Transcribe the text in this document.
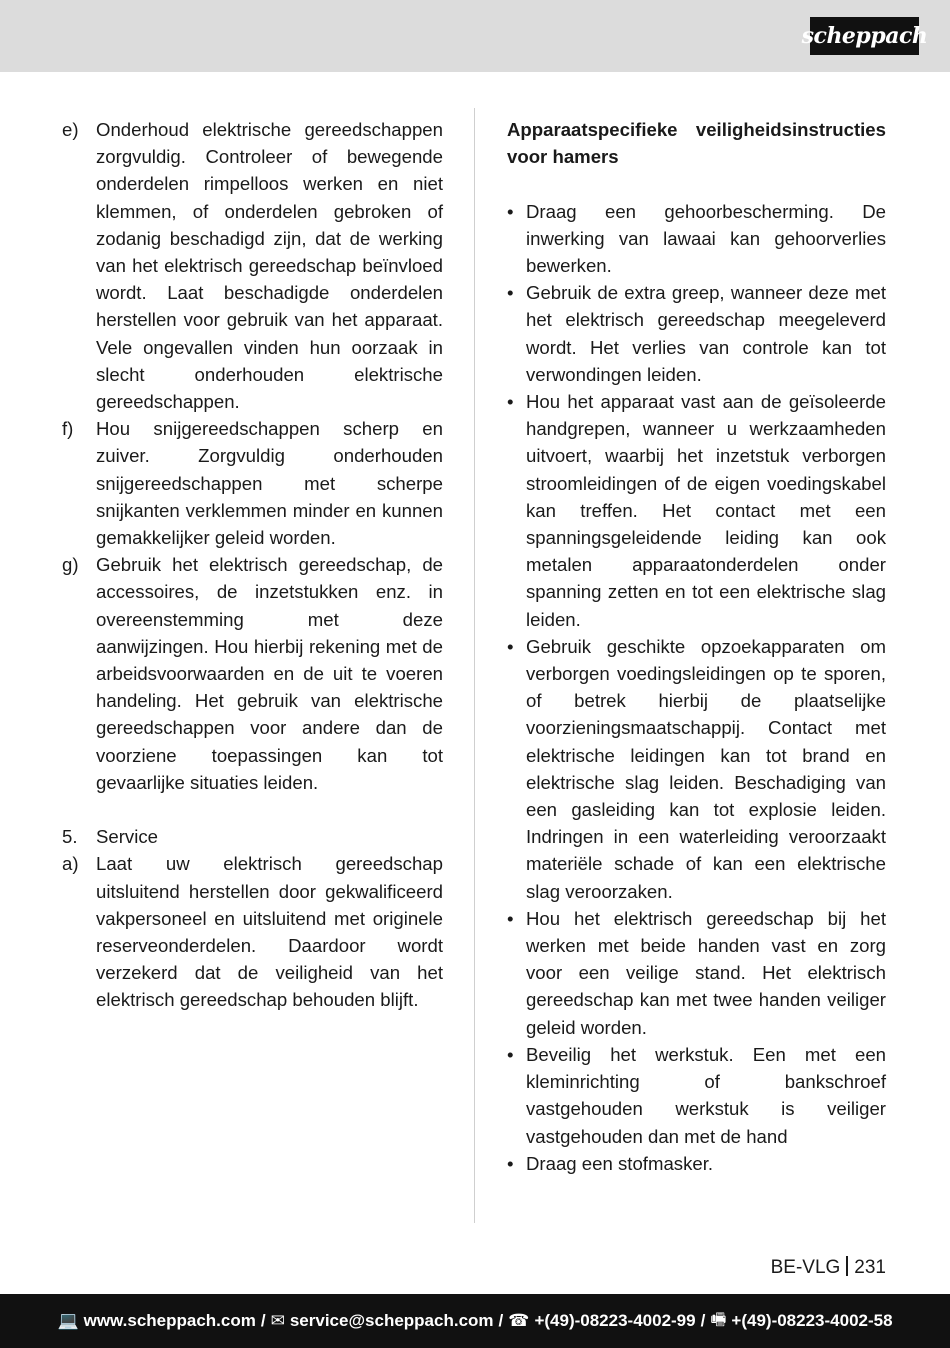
scheppach
e) Onderhoud elektrische gereedschappen zorgvuldig. Controleer of bewegende onderdelen rimpelloos werken en niet klemmen, of onderdelen gebroken of zodanig beschadigd zijn, dat de werking van het elektrisch gereedschap beïnvloed wordt. Laat beschadigde onderdelen herstellen voor gebruik van het apparaat. Vele ongevallen vinden hun oorzaak in slecht onderhouden elektrische gereedschappen.
f)	Hou snijgereedschappen scherp en zuiver. Zorgvuldig onderhouden snijgereedschappen met scherpe snijkanten verklemmen minder en kunnen gemakkelijker geleid worden.
g) Gebruik het elektrisch gereedschap, de accessoires, de inzetstukken enz. in overeenstemming met deze aanwijzingen. Hou hierbij rekening met de arbeidsvoorwaarden en de uit te voeren handeling. Het gebruik van elektrische gereedschappen voor andere dan de voorziene toepassingen kan tot gevaarlijke situaties leiden.
5. Service
a) Laat uw elektrisch gereedschap uitsluitend herstellen door gekwalificeerd vakpersoneel en uitsluitend met originele reserveonderdelen. Daardoor wordt verzekerd dat de veiligheid van het elektrisch gereedschap behouden blijft.
Apparaatspecifieke veiligheidsinstructies voor hamers
• Draag een gehoorbescherming. De inwerking van lawaai kan gehoorverlies bewerken.
• Gebruik de extra greep, wanneer deze met het elektrisch gereedschap meegeleverd wordt. Het verlies van controle kan tot verwondingen leiden.
• Hou het apparaat vast aan de geïsoleerde handgrepen, wanneer u werkzaamheden uitvoert, waarbij het inzetstuk verborgen stroomleidingen of de eigen voedingskabel kan treffen. Het contact met een spanningsgeleidende leiding kan ook metalen apparaatonderdelen onder spanning zetten en tot een elektrische slag leiden.
• Gebruik geschikte opzoekapparaten om verborgen voedingsleidingen op te sporen, of betrek hierbij de plaatselijke voorzieningsmaatschappij. Contact met elektrische leidingen kan tot brand en elektrische slag leiden. Beschadiging van een gasleiding kan tot explosie leiden. Indringen in een waterleiding veroorzaakt materiële schade of kan een elektrische slag veroorzaken.
• Hou het elektrisch gereedschap bij het werken met beide handen vast en zorg voor een veilige stand. Het elektrisch gereedschap kan met twee handen veiliger geleid worden.
• Beveilig het werkstuk. Een met een kleminrichting of bankschroef vastgehouden werkstuk is veiliger vastgehouden dan met de hand
• Draag een stofmasker.
BE-VLG 231
💻 www.scheppach.com / ✉ service@scheppach.com / ☎ +(49)-08223-4002-99 / 🖷 +(49)-08223-4002-58
